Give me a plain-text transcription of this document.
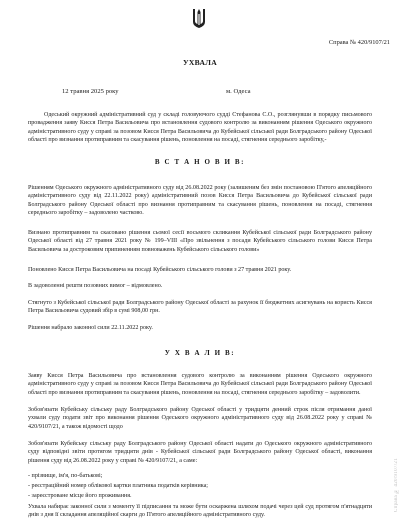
Справа № 420/9107/21
УХВАЛА
12 травня 2025 року	м. Одеса

Одеський окружний адміністративний суд у складі головуючого судді Стефанова С.О., розглянувши в порядку письмового провадження заяву Кисся Петра Васильовича про встановлення судового контролю за виконанням рішення Одеського окружного адміністративного суду у справі за позовом Кисся Петра Васильовича до Кубейської сільської ради Болградського району Одеської області про визнання протиправним та скасування рішень, поновлення на посаді, стягнення середнього заробітку,-

В С Т А Н О В И В:

Рішенням Одеського окружного адміністративного суду від 26.08.2022 року (залишеним без змін постановою П'ятого апеляційного адміністративного суду від 22.11.2022 року) адміністративний позов Кисся Петра Васильовича до Кубейської сільської ради Болградського району Одеської області про визнання протиправним та скасування рішень, поновлення на посаді, стягнення середнього заробітку – задоволено частково.

Визнано протиправним та скасовано рішення сьомої сесії восьмого скликання Кубейської сільської ради Болградського району Одеської області від 27 травня 2021 року № 199–VIII «Про звільнення з посади Кубейського сільського голови Кисся Петра Васильовича за достроковим припиненням повноважень Кубейського сільського голови»

Поновлено Кисся Петра Васильовича на посаді Кубейського сільського голови з 27 травня 2021 року.

В задоволенні решти позовних вимог – відмовлено.

Стягнуто з Кубейської сільської ради Болградського району Одеської області за рахунок її бюджетних асигнувань на користь Кисся Петра Васильовича судовий збір в сумі 908,00 грн.

Рішення набрало законної сили 22.11.2022 року.

У Х В А Л И В:

Заяву Кисся Петра Васильовича про встановлення судового контролю за виконанням рішення Одеського окружного адміністративного суду у справі за позовом Кисся Петра Васильовича до Кубейської сільської ради Болградського району Одеської області про визнання протиправним та скасування рішень, поновлення на посаді, стягнення середнього заробітку – задоволити.

Зобов'язати Кубейську сільську раду Болградського району Одеської області у тридцяти денний строк після отримання даної ухвали суду подати звіт про виконання рішення Одеського окружного адміністративного суду від 26.08.2022 року у справі № 420/9107/21, а також відомості щодо

Зобов'язати Кубейську сільську раду Болградського району Одеської області надати до Одеського окружного адміністративного суду відповідні звіти протягом тридцяти днів - Кубейської сільської ради Болградського району Одеської області, виконання рішення суду від 26.08.2022 року у справі № 420/9107/21, а саме:

- прізвище, ім'я, по-батькові;

- реєстраційний номер облікової картки платника податків керівника;

- зареєстроване місце його проживання.

Ухвала набирає законної сили з моменту її підписання та може бути оскаржена шляхом подачі через цей суд протягом п'ятнадцяти днів з дня її складання апеляційної скарги до П'ятого апеляційного адміністративного суду.

Справа № 420/9107/21
